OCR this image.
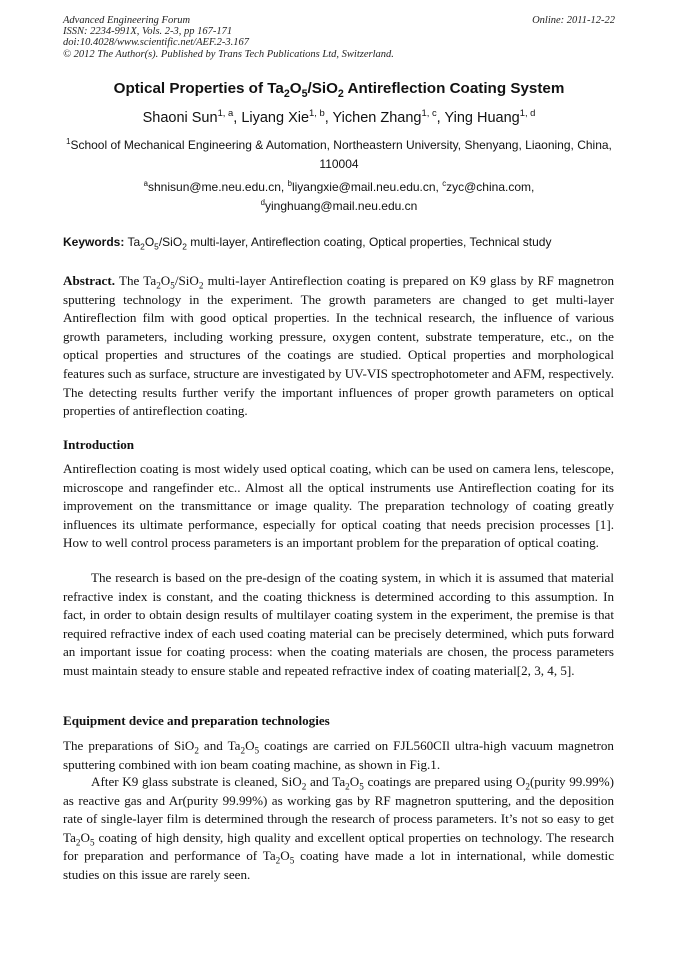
Advanced Engineering Forum
ISSN: 2234-991X, Vols. 2-3, pp 167-171
doi:10.4028/www.scientific.net/AEF.2-3.167
© 2012 The Author(s). Published by Trans Tech Publications Ltd, Switzerland.
Online: 2011-12-22
Optical Properties of $Ta_2O_5/SiO_2$ Antireflection Coating System
Shaoni Sun$^{1, a}$, Liyang Xie$^{1, b}$, Yichen Zhang$^{1, c}$, Ying Huang$^{1, d}$
$^1$School of Mechanical Engineering & Automation, Northeastern University, Shenyang, Liaoning, China, 110004
$^a$shnisun@me.neu.edu.cn, $^b$liyangxie@mail.neu.edu.cn, $^c$zyc@china.com,
$^d$yinghuang@mail.neu.edu.cn
Keywords: $Ta_2O_5/SiO_2$ multi-layer, Antireflection coating, Optical properties, Technical study
Abstract. The $Ta_2O_5/SiO_2$ multi-layer Antireflection coating is prepared on K9 glass by RF magnetron sputtering technology in the experiment. The growth parameters are changed to get multi-layer Antireflection film with good optical properties. In the technical research, the influence of various growth parameters, including working pressure, oxygen content, substrate temperature, etc., on the optical properties and structures of the coatings are studied. Optical properties and morphological features such as surface, structure are investigated by UV-VIS spectrophotometer and AFM, respectively. The detecting results further verify the important influences of proper growth parameters on optical properties of antireflection coating.
Introduction

Antireflection coating is most widely used optical coating, which can be used on camera lens, telescope, microscope and rangefinder etc.. Almost all the optical instruments use Antireflection coating for its improvement on the transmittance or image quality. The preparation technology of coating greatly influences its ultimate performance, especially for optical coating that needs precision processes [1]. How to well control process parameters is an important problem for the preparation of optical coating.

The research is based on the pre-design of the coating system, in which it is assumed that material refractive index is constant, and the coating thickness is determined according to this assumption. In fact, in order to obtain design results of multilayer coating system in the experiment, the premise is that required refractive index of each used coating material can be precisely determined, which puts forward an important issue for coating process: when the coating materials are chosen, the process parameters must maintain steady to ensure stable and repeated refractive index of coating material[2, 3, 4, 5].

Equipment device and preparation technologies

The preparations of SiO$_2$ and $Ta_2O_5$ coatings are carried on FJL560CIl ultra-high vacuum magnetron sputtering combined with ion beam coating machine, as shown in Fig.1.

After K9 glass substrate is cleaned, SiO$_2$ and $Ta_2O_5$ coatings are prepared using $O_2(purity$ 99.99%) as reactive gas and Ar(purity 99.99%) as working gas by RF magnetron sputtering, and the deposition rate of single-layer film is determined through the research of process parameters. It’s not so easy to get $Ta_2O_5$ coating of high density, high quality and excellent optical properties on technology. The research for preparation and performance of $Ta_2O_5$ coating have made a lot in international, while domestic studies on this issue are rarely seen.
